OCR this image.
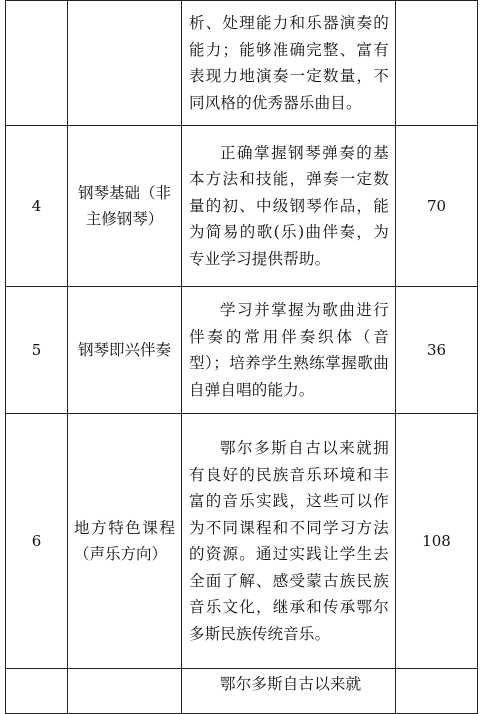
		析、处理能力和乐器演奏的能力；能够准确完整、富有表现力地演奏一定数量，不同风格的优秀器乐曲目。	

4	钢琴基础（非主修钢琴）	正确掌握钢琴弹奏的基本方法和技能，弹奏一定数量的初、中级钢琴作品，能为简易的歌(乐)曲伴奏，为专业学习提供帮助。	70
5	钢琴即兴伴奏	学习并掌握为歌曲进行伴奏的常用伴奏织体（音型）；培养学生熟练掌握歌曲自弹自唱的能力。	36
6	地方特色课程（声乐方向）	鄂尔多斯自古以来就拥有良好的民族音乐环境和丰富的音乐实践，这些可以作为不同课程和不同学习方法的资源。通过实践让学生去全面了解、感受蒙古族民族音乐文化，继承和传承鄂尔多斯民族传统音乐。	108

		鄂尔多斯自古以来就	
